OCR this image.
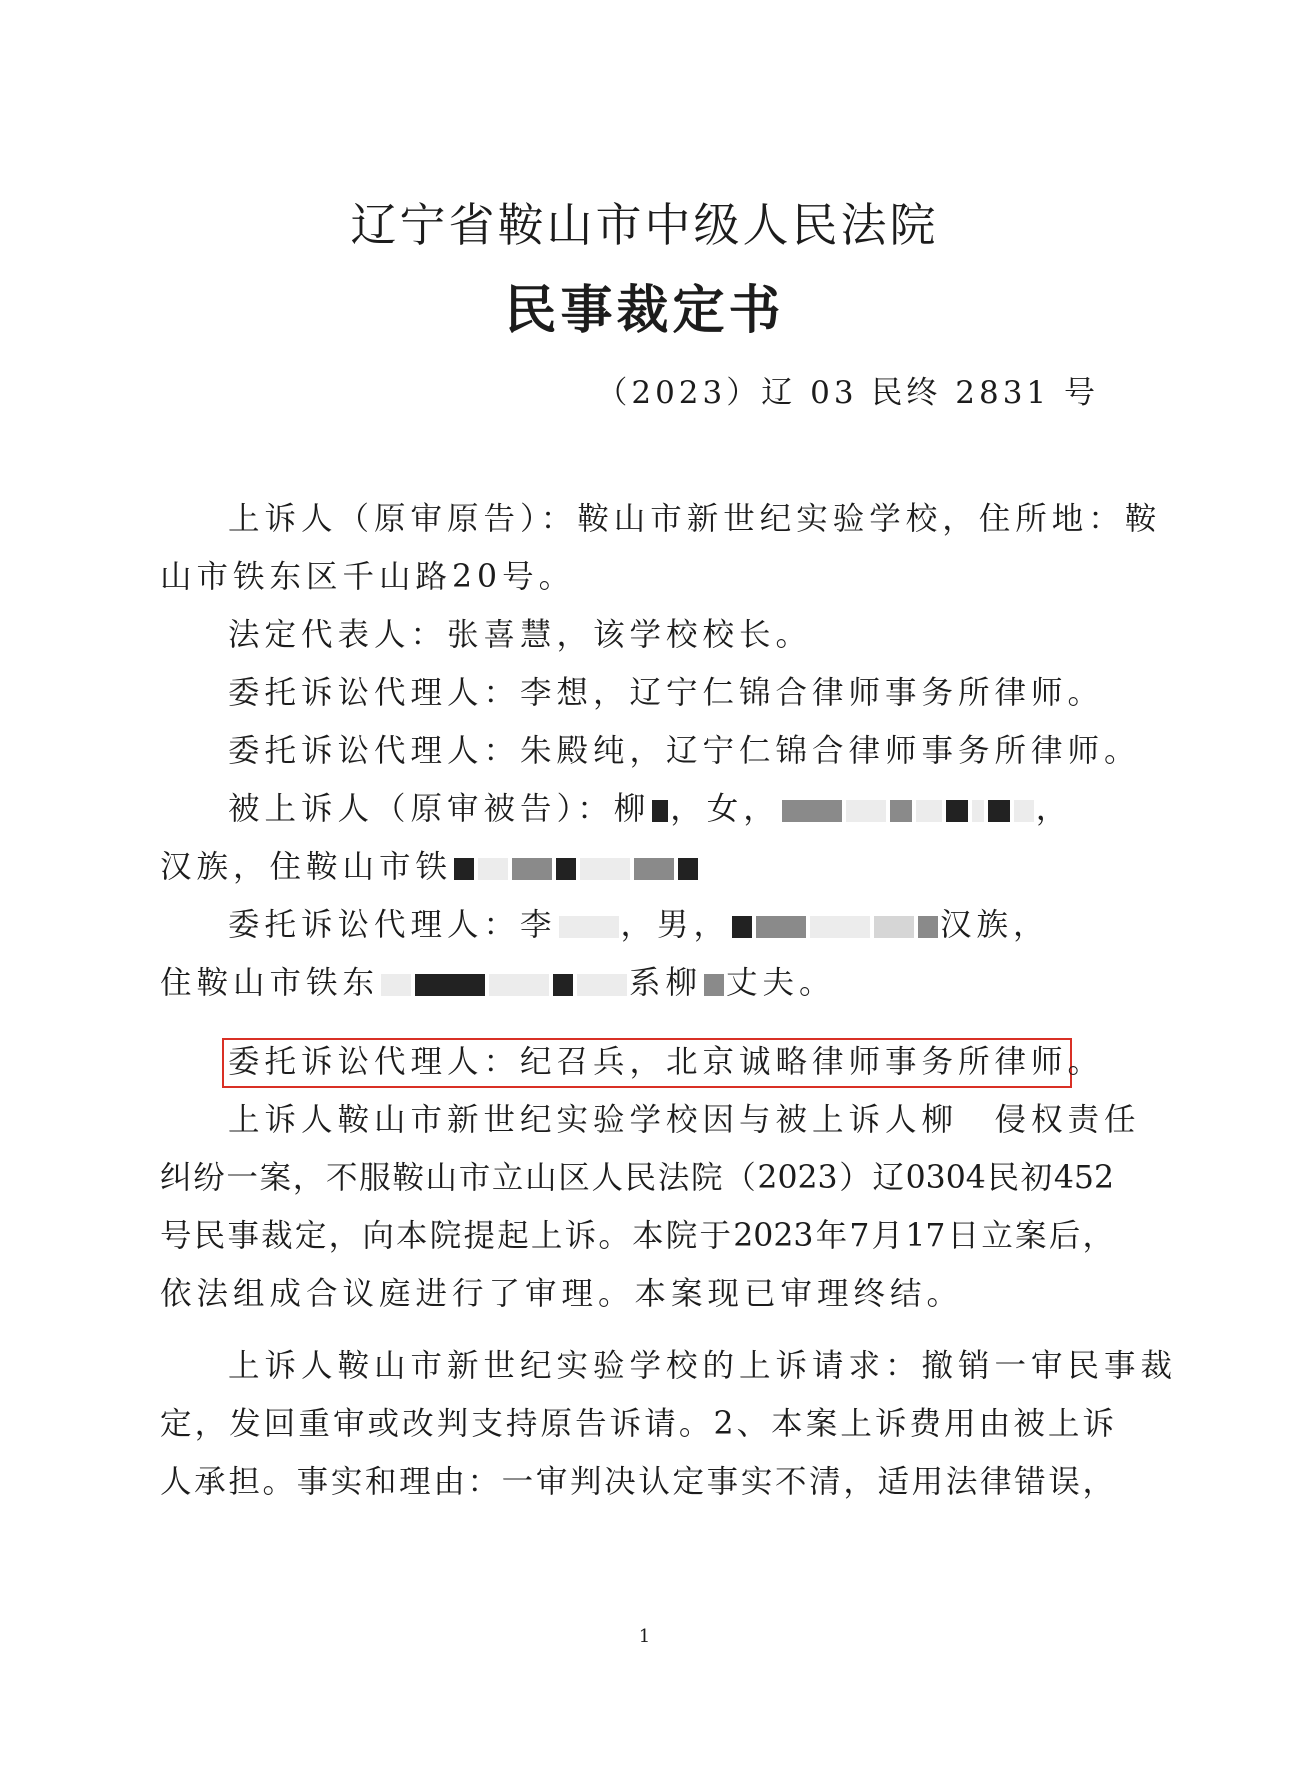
辽宁省鞍山市中级人民法院
民事裁定书
（2023）辽 03 民终 2831 号
上诉人（原审原告）：鞍山市新世纪实验学校，住所地：鞍
山市铁东区千山路20号。
法定代表人：张喜慧，该学校校长。
委托诉讼代理人：李想，辽宁仁锦合律师事务所律师。
委托诉讼代理人：朱殿纯，辽宁仁锦合律师事务所律师。
被上诉人（原审被告）：柳 ，女，	，
汉族，住鞍山市铁
委托诉讼代理人：李 ，男，	汉族，
住鞍山市铁东	系柳 丈夫。
委托诉讼代理人：纪召兵，北京诚略律师事务所律师。
上诉人鞍山市新世纪实验学校因与被上诉人柳　侵权责任
纠纷一案，不服鞍山市立山区人民法院（2023）辽0304民初452
号民事裁定，向本院提起上诉。本院于2023年7月17日立案后，
依法组成合议庭进行了审理。本案现已审理终结。
上诉人鞍山市新世纪实验学校的上诉请求：撤销一审民事裁
定，发回重审或改判支持原告诉请。2、本案上诉费用由被上诉
人承担。事实和理由：一审判决认定事实不清，适用法律错误，
1
